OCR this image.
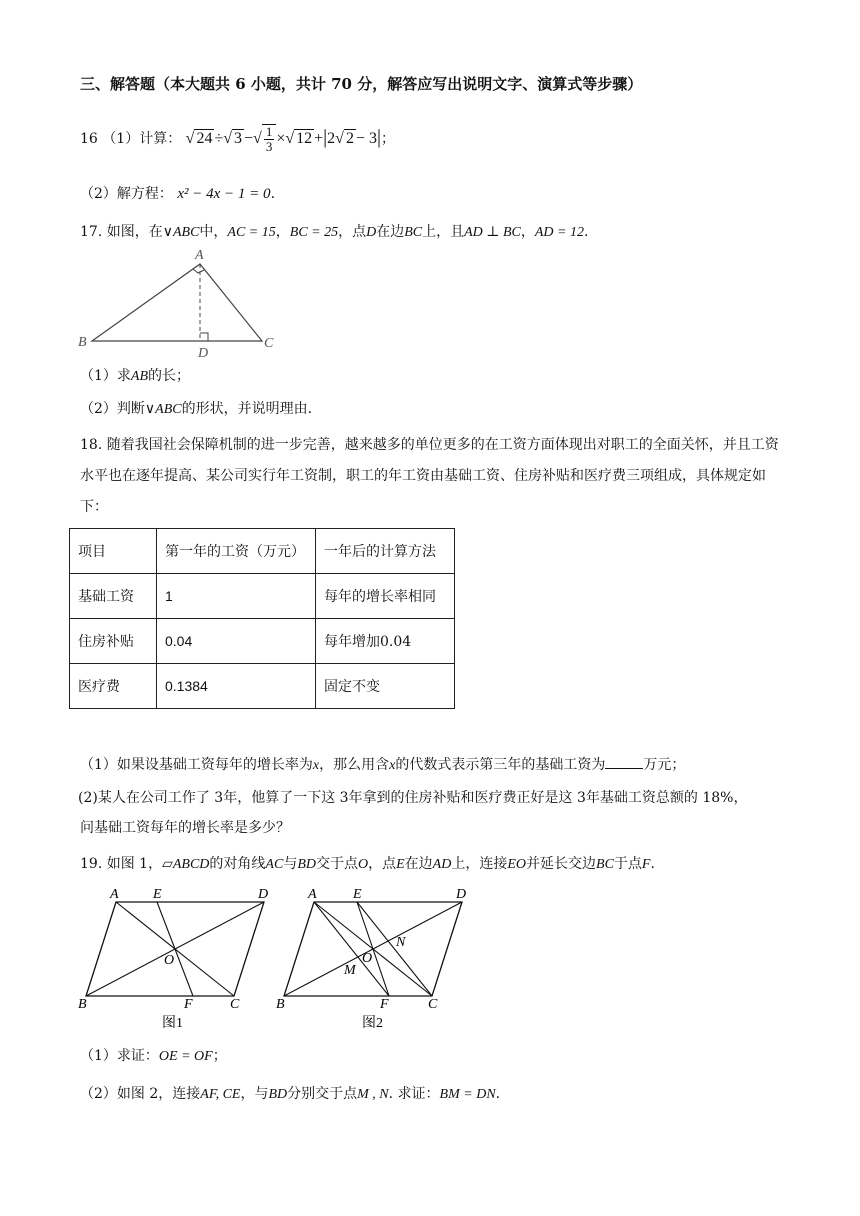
三、解答题（本大题共 6 小题，共计 70 分，解答应写出说明文字、演算式等步骤）
16 （1）计算： √ 24 ÷√ 3 −√ $\frac{1}{3}$ ×√ 12 +|2√ 2 − 3|；
（2）解方程： x² − 4x − 1 = 0.
17. 如图，在∨ABC中，AC = 15，BC = 25，点D在边BC上，且AD ⊥ BC，AD = 12.
A
B	C
D
（1）求AB的长；
（2）判断∨ABC的形状，并说明理由.
18. 随着我国社会保障机制的进一步完善，越来越多的单位更多的在工资方面体现出对职工的全面关怀，并且工资水平也在逐年提高、某公司实行年工资制，职工的年工资由基础工资、住房补贴和医疗费三项组成，具体规定如下：
项目	第一年的工资（万元）	一年后的计算方法
基础工资	1	每年的增长率相同
住房补贴	0.04	每年增加0.04
医疗费	0.1384	固定不变
（1）如果设基础工资每年的增长率为x，那么用含x的代数式表示第三年的基础工资为	万元；
(2)某人在公司工作了 3年，他算了一下这 3年拿到的住房补贴和医疗费正好是这 3年基础工资总额的 18%，
问基础工资每年的增长率是多少？
19. 如图 1，▱ABCD的对角线AC与BD交于点O，点E在边AD上，连接EO并延长交边BC于点F.
A E	D
O
B	F	C
图1
A	E	D
N
O
M
B	F	C
图2
（1）求证：OE = OF；
（2）如图 2，连接AF, CE，与BD分别交于点M , N. 求证：BM = DN.
